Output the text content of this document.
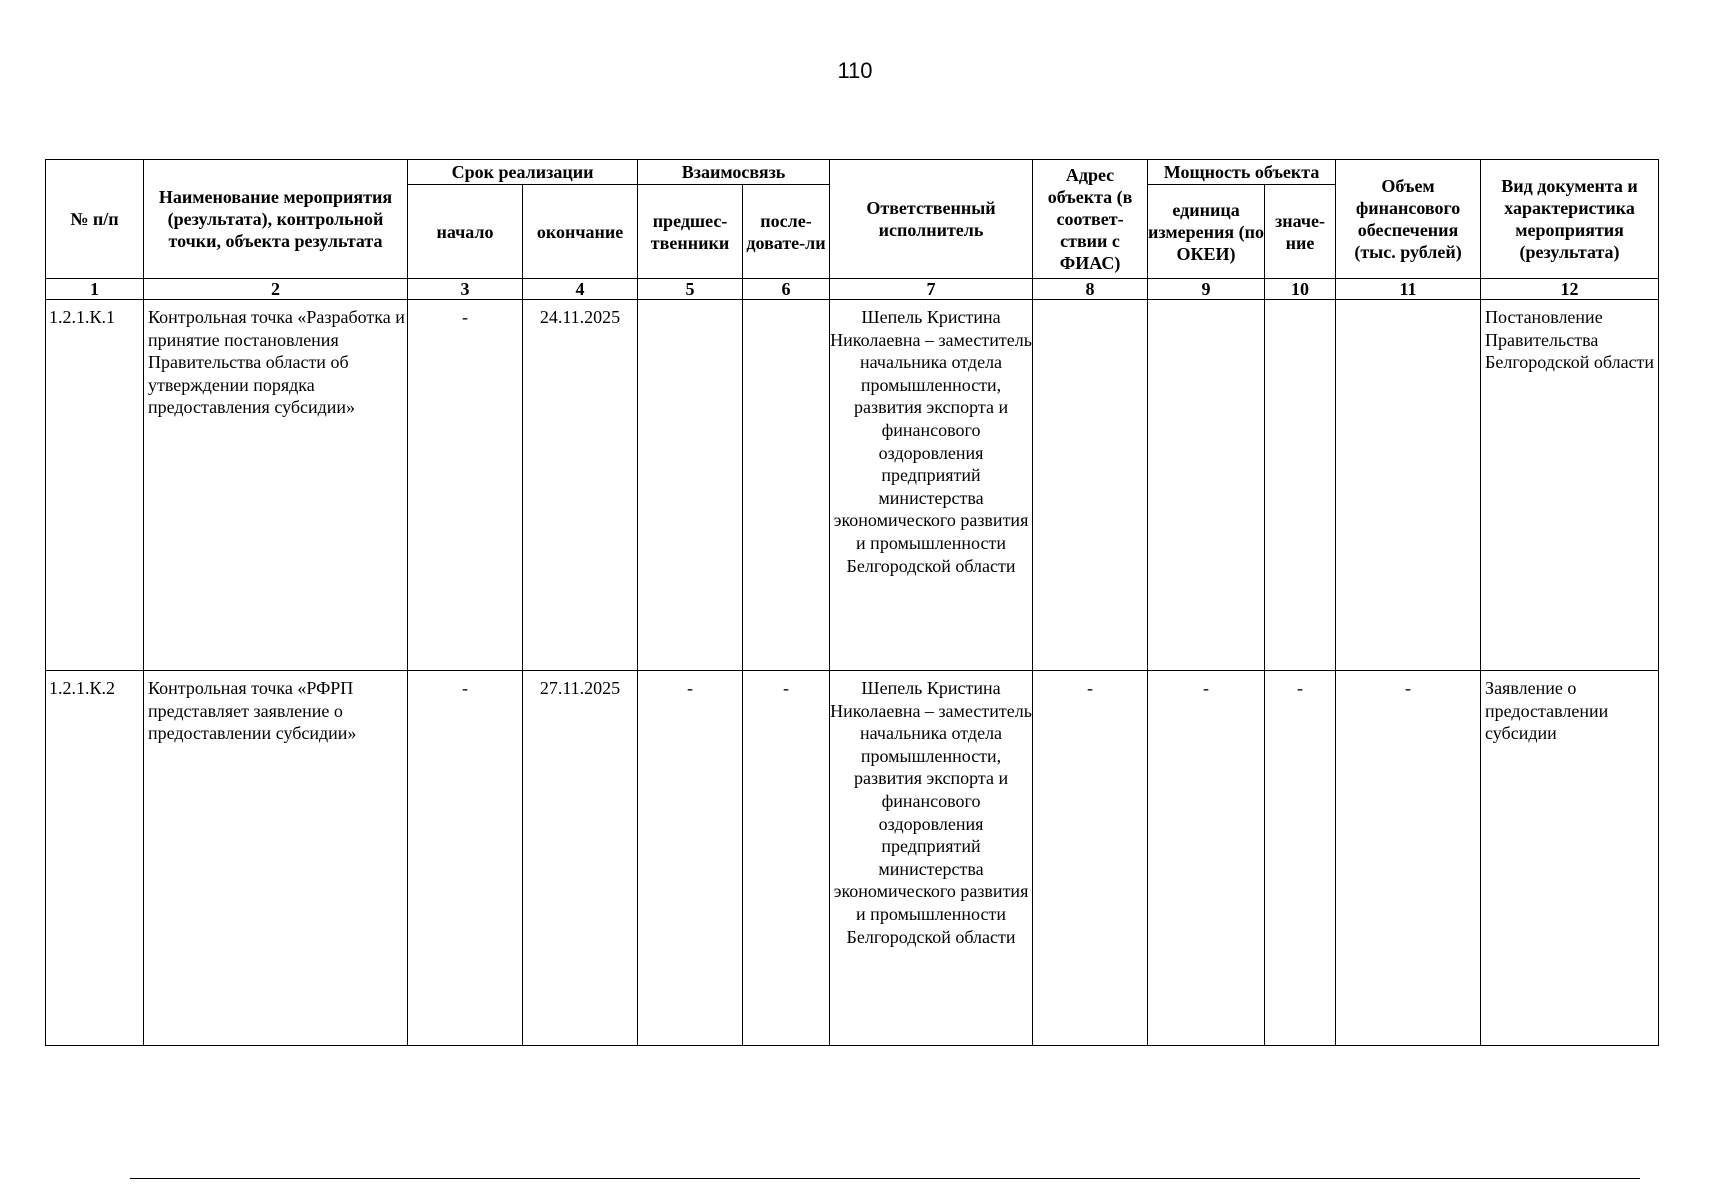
110
№ п/п	Наименование мероприятия (результата), контрольной точки, объекта результата	Срок реализации		Взаимосвязь		Ответственный исполнитель	Адрес объекта (в соответ-ствии с ФИАС)	Мощность объекта		Объем финансового обеспечения (тыс. рублей)	Вид документа и характеристика мероприятия (результата)
		начало	окончание	предшес-твенники	после-довате-ли			единица измерения (по ОКЕИ)	значе-ние		
1	2	3	4	5	6	7	8	9	10	11	12
1.2.1.К.1	Контрольная точка «Разработка и принятие постановления Правительства области об утверждении порядка предоставления субсидии»	-	24.11.2025			Шепель Кристина Николаевна – заместитель начальника отдела промышленности, развития экспорта и финансового оздоровления предприятий министерства экономического развития и промышленности Белгородской области					Постановление Правительства Белгородской области
1.2.1.К.2	Контрольная точка «РФРП представляет заявление о предоставлении субсидии»	-	27.11.2025	-	-	Шепель Кристина Николаевна – заместитель начальника отдела промышленности, развития экспорта и финансового оздоровления предприятий министерства экономического развития и промышленности Белгородской области	-	-	-	-	Заявление о предоставлении субсидии
